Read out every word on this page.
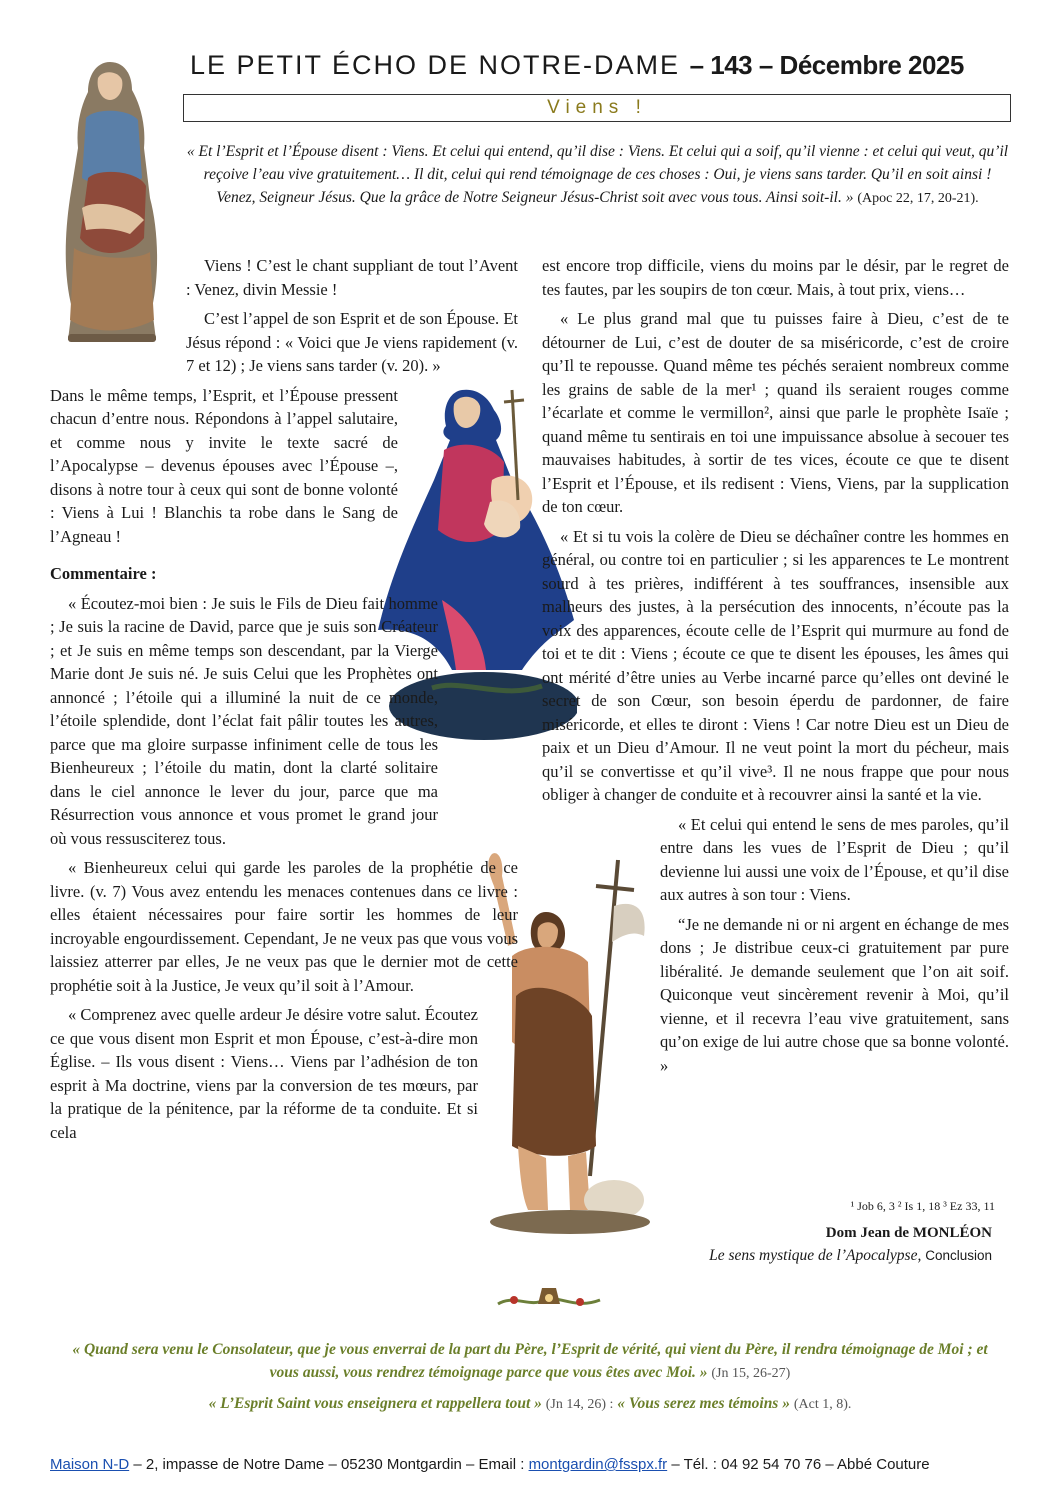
LE PETIT ÉCHO DE NOTRE-DAME – 143 – Décembre 2025
Viens !
« Et l’Esprit et l’Épouse disent : Viens. Et celui qui entend, qu’il dise : Viens. Et celui qui a soif, qu’il vienne : et celui qui veut, qu’il reçoive l’eau vive gratuitement… Il dit, celui qui rend témoignage de ces choses : Oui, je viens sans tarder. Qu’il en soit ainsi ! Venez, Seigneur Jésus. Que la grâce de Notre Seigneur Jésus-Christ soit avec vous tous. Ainsi soit-il. » (Apoc 22, 17, 20-21).

Viens ! C’est le chant suppliant de tout l’Avent : Venez, divin Messie !

C’est l’appel de son Esprit et de son Épouse. Et Jésus répond : « Voici que Je viens rapidement (v. 7 et 12) ; Je viens sans tarder (v. 20). »

Dans le même temps, l’Esprit, et l’Épouse pressent chacun d’entre nous. Répondons à l’appel salutaire, et comme nous y invite le texte sacré de l’Apocalypse – devenus épouses avec l’Épouse –, disons à notre tour à ceux qui sont de bonne volonté : Viens à Lui ! Blanchis ta robe dans le Sang de l’Agneau !

Commentaire :

« Écoutez-moi bien : Je suis le Fils de Dieu fait homme ; Je suis la racine de David, parce que je suis son Créateur ; et Je suis en même temps son descendant, par la Vierge Marie dont Je suis né. Je suis Celui que les Prophètes ont annoncé ; l’étoile qui a illuminé la nuit de ce monde, l’étoile splendide, dont l’éclat fait pâlir toutes les autres, parce que ma gloire surpasse infiniment celle de tous les Bienheureux ; l’étoile du matin, dont la clarté solitaire dans le ciel annonce le lever du jour, parce que ma Résurrection vous annonce et vous promet le grand jour où vous ressusciterez tous.

« Bienheureux celui qui garde les paroles de la prophétie de ce livre. (v. 7) Vous avez entendu les menaces contenues dans ce livre : elles étaient nécessaires pour faire sortir les hommes de leur incroyable engourdissement. Cependant, Je ne veux pas que vous vous laissiez atterrer par elles, Je ne veux pas que le dernier mot de cette prophétie soit à la Justice, Je veux qu’il soit à l’Amour.

« Comprenez avec quelle ardeur Je désire votre salut. Écoutez ce que vous disent mon Esprit et mon Épouse, c’est-à-dire mon Église. – Ils vous disent : Viens… Viens par l’adhésion de ton esprit à Ma doctrine, viens par la conversion de tes mœurs, par la pratique de la pénitence, par la réforme de ta conduite. Et si cela

est encore trop difficile, viens du moins par le désir, par le regret de tes fautes, par les soupirs de ton cœur. Mais, à tout prix, viens…

« Le plus grand mal que tu puisses faire à Dieu, c’est de te détourner de Lui, c’est de douter de sa miséricorde, c’est de croire qu’Il te repousse. Quand même tes péchés seraient nombreux comme les grains de sable de la mer¹ ; quand ils seraient rouges comme l’écarlate et comme le vermillon², ainsi que parle le prophète Isaïe ; quand même tu sentirais en toi une impuissance absolue à secouer tes mauvaises habitudes, à sortir de tes vices, écoute ce que te disent l’Esprit et l’Épouse, et ils redisent : Viens, Viens, par la supplication de ton cœur.

« Et si tu vois la colère de Dieu se déchaîner contre les hommes en général, ou contre toi en particulier ; si les apparences te Le montrent sourd à tes prières, indifférent à tes souffrances, insensible aux malheurs des justes, à la persécution des innocents, n’écoute pas la voix des apparences, écoute celle de l’Esprit qui murmure au fond de toi et te dit : Viens ; écoute ce que te disent les épouses, les âmes qui ont mérité d’être unies au Verbe incarné parce qu’elles ont deviné le secret de son Cœur, son besoin éperdu de pardonner, de faire miséricorde, et elles te diront : Viens ! Car notre Dieu est un Dieu de paix et un Dieu d’Amour. Il ne veut point la mort du pécheur, mais qu’il se convertisse et qu’il vive³. Il ne nous frappe que pour nous obliger à changer de conduite et à recouvrer ainsi la santé et la vie.

« Et celui qui entend le sens de mes paroles, qu’il entre dans les vues de l’Esprit de Dieu ; qu’il devienne lui aussi une voix de l’Épouse, et qu’il dise aux autres à son tour : Viens.

“Je ne demande ni or ni argent en échange de mes dons ; Je distribue ceux-ci gratuitement par pure libéralité. Je demande seulement que l’on ait soif. Quiconque veut sincèrement revenir à Moi, qu’il vienne, et il recevra l’eau vive gratuitement, sans qu’on exige de lui autre chose que sa bonne volonté. »

¹ Job 6, 3 ² Is 1, 18 ³ Ez 33, 11
Dom Jean de MONLÉON
Le sens mystique de l’Apocalypse, Conclusion
« Quand sera venu le Consolateur, que je vous enverrai de la part du Père, l’Esprit de vérité, qui vient du Père, il rendra témoignage de Moi ; et vous aussi, vous rendrez témoignage parce que vous êtes avec Moi. » (Jn 15, 26-27)
« L’Esprit Saint vous enseignera et rappellera tout » (Jn 14, 26) : « Vous serez mes témoins » (Act 1, 8).
Maison N-D – 2, impasse de Notre Dame – 05230 Montgardin – Email : montgardin@fsspx.fr – Tél. : 04 92 54 70 76 – Abbé Couture
